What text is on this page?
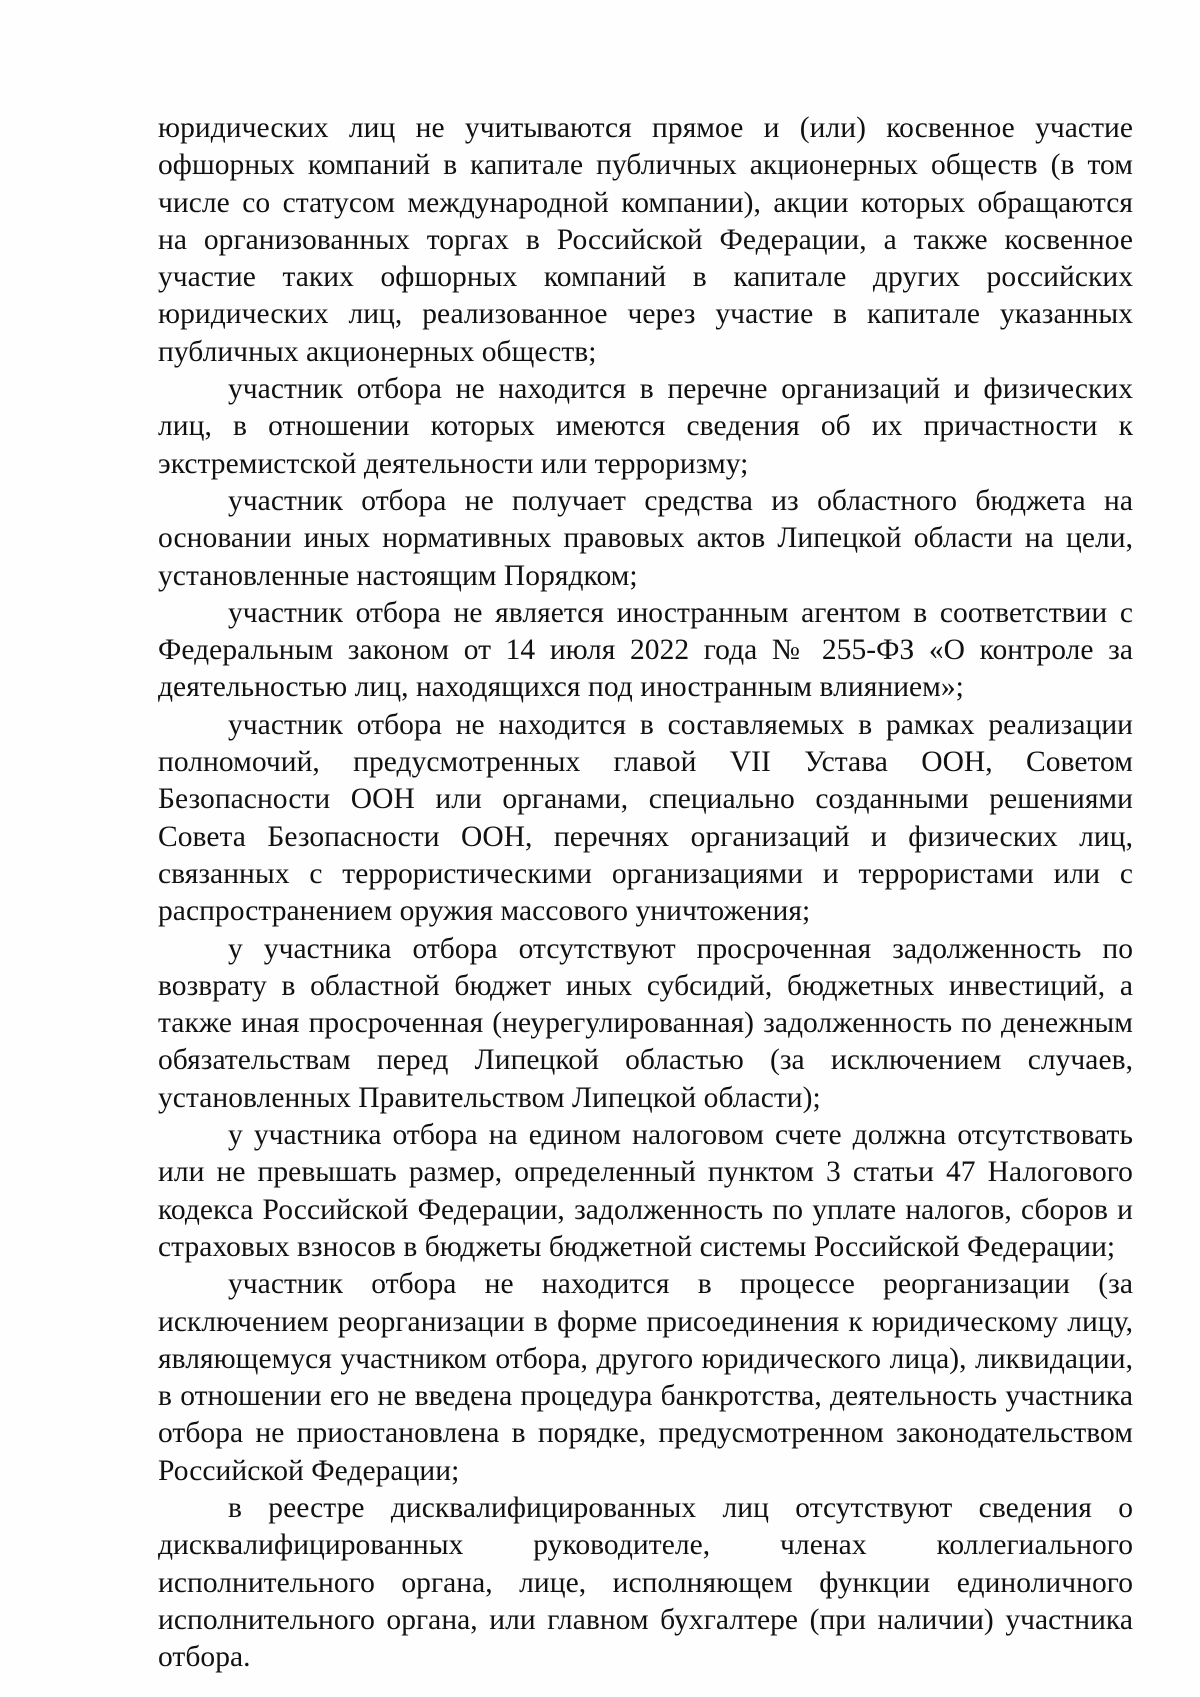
юридических лиц не учитываются прямое и (или) косвенное участие офшорных компаний в капитале публичных акционерных обществ (в том числе со статусом международной компании), акции которых обращаются на организованных торгах в Российской Федерации, а также косвенное участие таких офшорных компаний в капитале других российских юридических лиц, реализованное через участие в капитале указанных публичных акционерных обществ;

участник отбора не находится в перечне организаций и физических лиц, в отношении которых имеются сведения об их причастности к экстремистской деятельности или терроризму;

участник отбора не получает средства из областного бюджета на основании иных нормативных правовых актов Липецкой области на цели, установленные настоящим Порядком;

участник отбора не является иностранным агентом в соответствии с Федеральным законом от 14 июля 2022 года № 255-ФЗ «О контроле за деятельностью лиц, находящихся под иностранным влиянием»;

участник отбора не находится в составляемых в рамках реализации полномочий, предусмотренных главой VII Устава ООН, Советом Безопасности ООН или органами, специально созданными решениями Совета Безопасности ООН, перечнях организаций и физических лиц, связанных с террористическими организациями и террористами или с распространением оружия массового уничтожения;

у участника отбора отсутствуют просроченная задолженность по возврату в областной бюджет иных субсидий, бюджетных инвестиций, а также иная просроченная (неурегулированная) задолженность по денежным обязательствам перед Липецкой областью (за исключением случаев, установленных Правительством Липецкой области);

у участника отбора на едином налоговом счете должна отсутствовать или не превышать размер, определенный пунктом 3 статьи 47 Налогового кодекса Российской Федерации, задолженность по уплате налогов, сборов и страховых взносов в бюджеты бюджетной системы Российской Федерации;

участник отбора не находится в процессе реорганизации (за исключением реорганизации в форме присоединения к юридическому лицу, являющемуся участником отбора, другого юридического лица), ликвидации, в отношении его не введена процедура банкротства, деятельность участника отбора не приостановлена в порядке, предусмотренном законодательством Российской Федерации;

в реестре дисквалифицированных лиц отсутствуют сведения о дисквалифицированных руководителе, членах коллегиального исполнительного органа, лице, исполняющем функции единоличного исполнительного органа, или главном бухгалтере (при наличии) участника отбора.
